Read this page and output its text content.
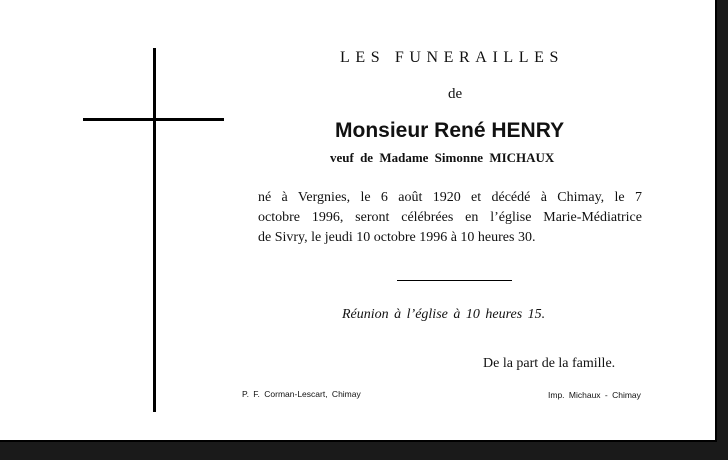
LES FUNERAILLES
de
Monsieur René HENRY
veuf de Madame Simonne MICHAUX
né à Vergnies, le 6 août 1920 et décédé à Chimay, le 7
octobre 1996, seront célébrées en l’église Marie-Médiatrice
de Sivry, le jeudi 10 octobre 1996 à 10 heures 30.
Réunion à l’église à 10 heures 15.
De la part de la famille.
P. F. Corman-Lescart, Chimay	Imp. Michaux - Chimay
